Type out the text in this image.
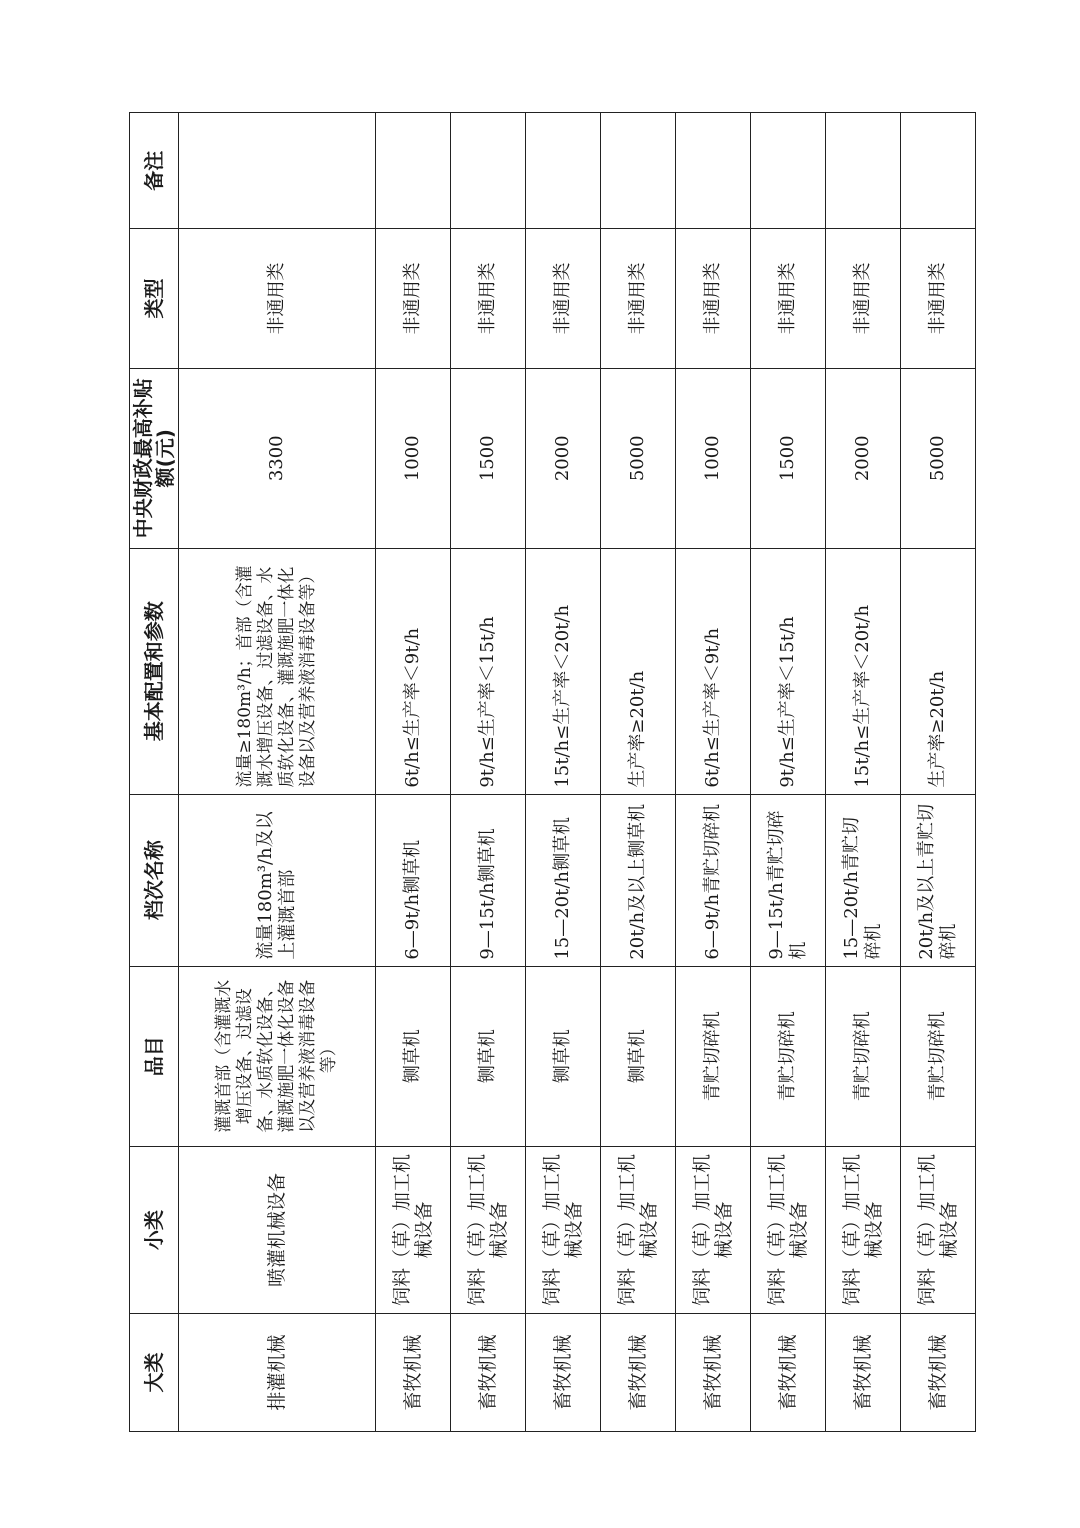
大类	小类	品目	档次名称	基本配置和参数	中央财政最高补贴额(元)	类型	备注
排灌机械	喷灌机械设备	灌溉首部（含灌溉水增压设备、过滤设备、水质软化设备、灌溉施肥一体化设备以及营养液消毒设备等）	流量180m³/h及以上灌溉首部	流量≥180m³/h；首部（含灌溉水增压设备、过滤设备、水质软化设备、灌溉施肥一体化设备以及营养液消毒设备等）	3300	非通用类	
畜牧机械	饲料（草）加工机械设备	铡草机	6—9t/h铡草机	6t/h≤生产率＜9t/h	1000	非通用类	
畜牧机械	饲料（草）加工机械设备	铡草机	9—15t/h铡草机	9t/h≤生产率＜15t/h	1500	非通用类	
畜牧机械	饲料（草）加工机械设备	铡草机	15—20t/h铡草机	15t/h≤生产率＜20t/h	2000	非通用类	
畜牧机械	饲料（草）加工机械设备	铡草机	20t/h及以上铡草机	生产率≥20t/h	5000	非通用类	
畜牧机械	饲料（草）加工机械设备	青贮切碎机	6—9t/h青贮切碎机	6t/h≤生产率＜9t/h	1000	非通用类	
畜牧机械	饲料（草）加工机械设备	青贮切碎机	9—15t/h青贮切碎机	9t/h≤生产率＜15t/h	1500	非通用类	
畜牧机械	饲料（草）加工机械设备	青贮切碎机	15—20t/h青贮切碎机	15t/h≤生产率＜20t/h	2000	非通用类	
畜牧机械	饲料（草）加工机械设备	青贮切碎机	20t/h及以上青贮切碎机	生产率≥20t/h	5000	非通用类	
